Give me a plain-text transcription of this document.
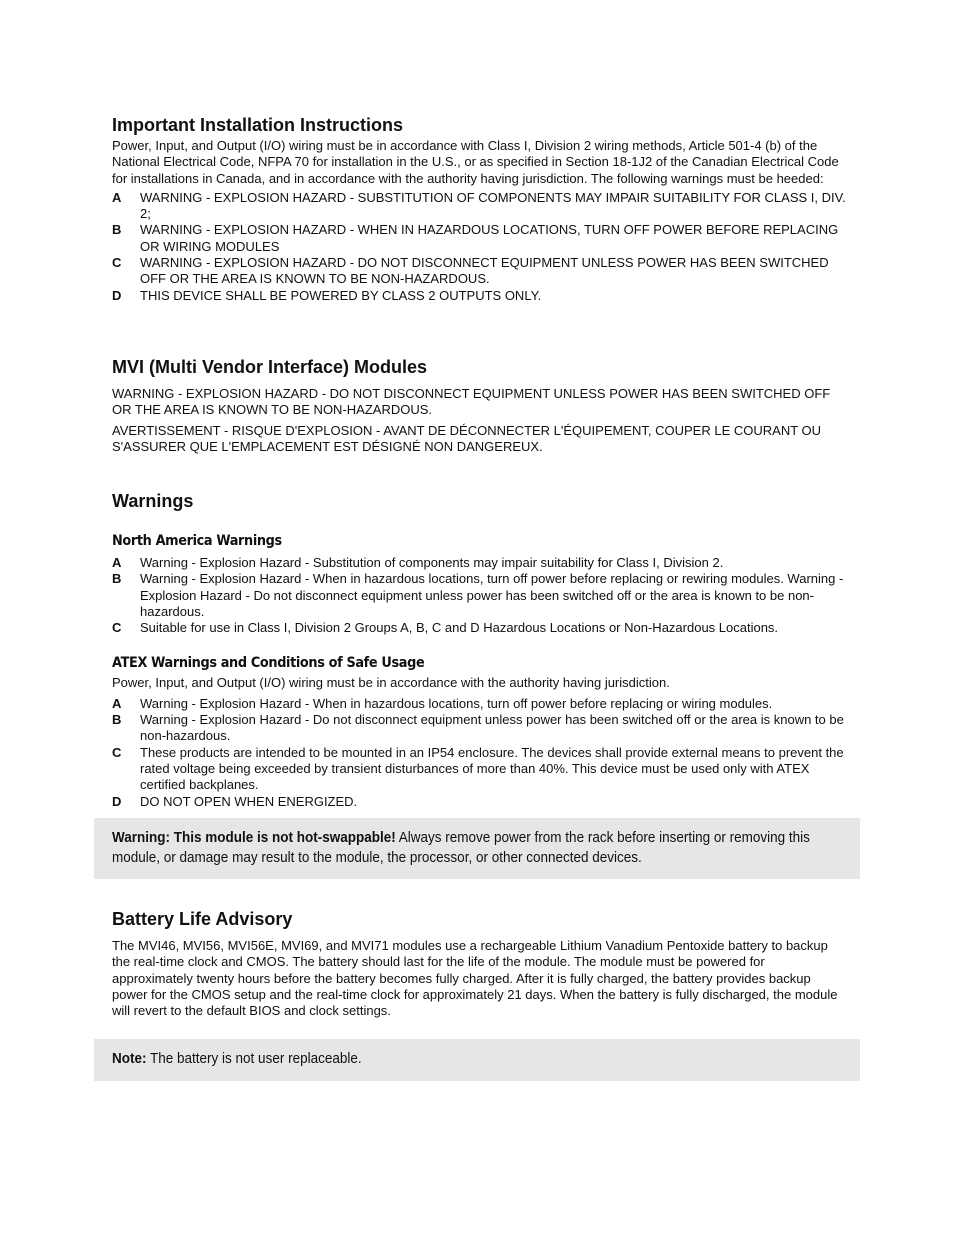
Important Installation Instructions

Power, Input, and Output (I/O) wiring must be in accordance with Class I, Division 2 wiring methods, Article 501-4 (b) of the National Electrical Code, NFPA 70 for installation in the U.S., or as specified in Section 18-1J2 of the Canadian Electrical Code for installations in Canada, and in accordance with the authority having jurisdiction. The following warnings must be heeded:

A	WARNING - EXPLOSION HAZARD - SUBSTITUTION OF COMPONENTS MAY IMPAIR SUITABILITY FOR CLASS I, DIV. 2;
B	WARNING - EXPLOSION HAZARD - WHEN IN HAZARDOUS LOCATIONS, TURN OFF POWER BEFORE REPLACING OR WIRING MODULES
C	WARNING - EXPLOSION HAZARD - DO NOT DISCONNECT EQUIPMENT UNLESS POWER HAS BEEN SWITCHED OFF OR THE AREA IS KNOWN TO BE NON-HAZARDOUS.
D	THIS DEVICE SHALL BE POWERED BY CLASS 2 OUTPUTS ONLY.
MVI (Multi Vendor Interface) Modules

WARNING - EXPLOSION HAZARD - DO NOT DISCONNECT EQUIPMENT UNLESS POWER HAS BEEN SWITCHED OFF OR THE AREA IS KNOWN TO BE NON-HAZARDOUS.

AVERTISSEMENT - RISQUE D'EXPLOSION - AVANT DE DÉCONNECTER L'ÉQUIPEMENT, COUPER LE COURANT OU S'ASSURER QUE L'EMPLACEMENT EST DÉSIGNÉ NON DANGEREUX.

Warnings
North America Warnings
A	Warning - Explosion Hazard - Substitution of components may impair suitability for Class I, Division 2.
B	Warning - Explosion Hazard - When in hazardous locations, turn off power before replacing or rewiring modules. Warning - Explosion Hazard - Do not disconnect equipment unless power has been switched off or the area is known to be non-hazardous.
C	Suitable for use in Class I, Division 2 Groups A, B, C and D Hazardous Locations or Non-Hazardous Locations.
ATEX Warnings and Conditions of Safe Usage

Power, Input, and Output (I/O) wiring must be in accordance with the authority having jurisdiction.

A	Warning - Explosion Hazard - When in hazardous locations, turn off power before replacing or wiring modules.
B	Warning - Explosion Hazard - Do not disconnect equipment unless power has been switched off or the area is known to be non-hazardous.
C	These products are intended to be mounted in an IP54 enclosure. The devices shall provide external means to prevent the rated voltage being exceeded by transient disturbances of more than 40%. This device must be used only with ATEX certified backplanes.
D	DO NOT OPEN WHEN ENERGIZED.
Warning: This module is not hot-swappable! Always remove power from the rack before inserting or removing this module, or damage may result to the module, the processor, or other connected devices.
Battery Life Advisory

The MVI46, MVI56, MVI56E, MVI69, and MVI71 modules use a rechargeable Lithium Vanadium Pentoxide battery to backup the real-time clock and CMOS. The battery should last for the life of the module. The module must be powered for approximately twenty hours before the battery becomes fully charged. After it is fully charged, the battery provides backup power for the CMOS setup and the real-time clock for approximately 21 days. When the battery is fully discharged, the module will revert to the default BIOS and clock settings.

Note: The battery is not user replaceable.
